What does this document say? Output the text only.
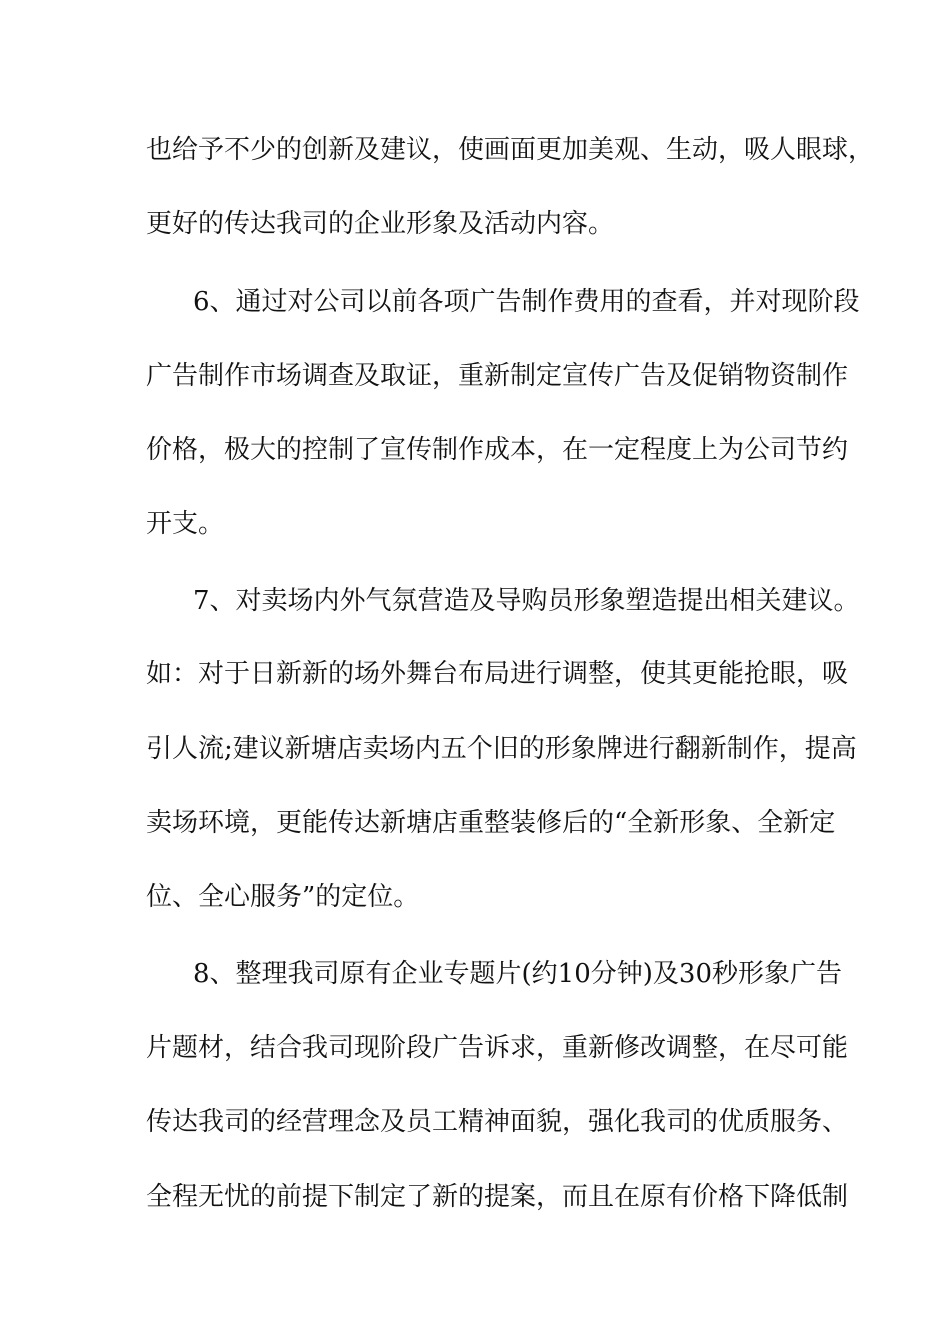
也给予不少的创新及建议，使画面更加美观、生动，吸人眼球，
更好的传达我司的企业形象及活动内容。
6、通过对公司以前各项广告制作费用的查看，并对现阶段
广告制作市场调查及取证，重新制定宣传广告及促销物资制作
价格，极大的控制了宣传制作成本，在一定程度上为公司节约
开支。
7、对卖场内外气氛营造及导购员形象塑造提出相关建议。
如：对于日新新的场外舞台布局进行调整，使其更能抢眼，吸
引人流;建议新塘店卖场内五个旧的形象牌进行翻新制作，提高
卖场环境，更能传达新塘店重整装修后的“全新形象、全新定
位、全心服务”的定位。
8、整理我司原有企业专题片(约10分钟)及30秒形象广告
片题材，结合我司现阶段广告诉求，重新修改调整，在尽可能
传达我司的经营理念及员工精神面貌，强化我司的优质服务、
全程无忧的前提下制定了新的提案，而且在原有价格下降低制
